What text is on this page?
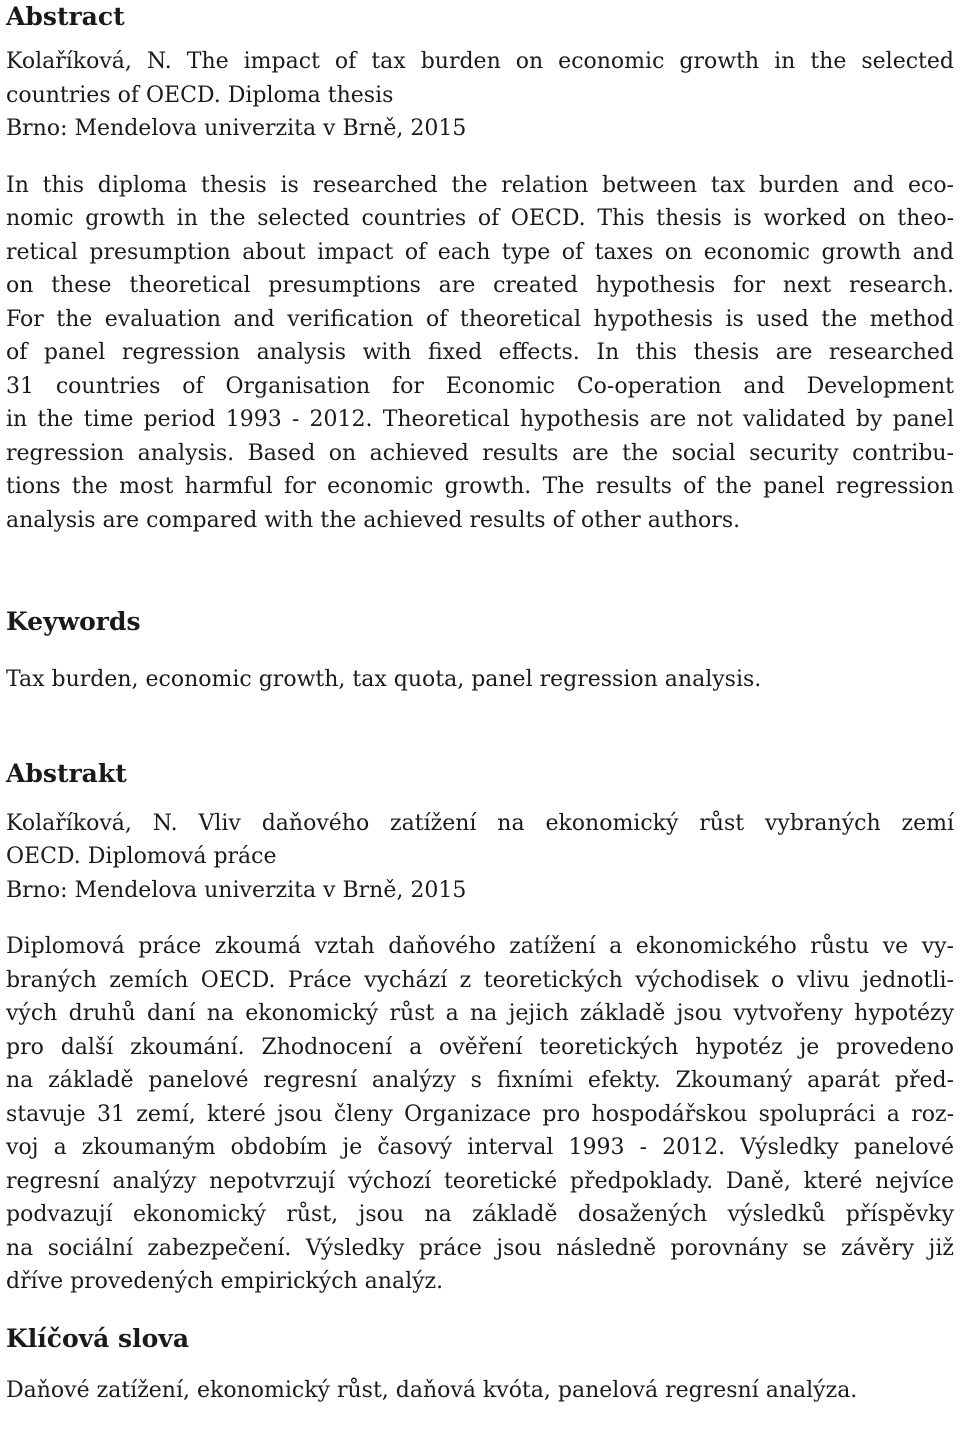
Abstract

Kolaříková, N. The impact of tax burden on economic growth in the selected
countries of OECD. Diploma thesis
Brno: Mendelova univerzita v Brně, 2015

In this diploma thesis is researched the relation between tax burden and eco-
nomic growth in the selected countries of OECD. This thesis is worked on theo-
retical presumption about impact of each type of taxes on economic growth and
on these theoretical presumptions are created hypothesis for next research.
For the evaluation and verification of theoretical hypothesis is used the method
of panel regression analysis with fixed effects. In this thesis are researched
31 countries of Organisation for Economic Co-operation and Development
in the time period 1993 - 2012. Theoretical hypothesis are not validated by panel
regression analysis. Based on achieved results are the social security contribu-
tions the most harmful for economic growth. The results of the panel regression
analysis are compared with the achieved results of other authors.

Keywords

Tax burden, economic growth, tax quota, panel regression analysis.

Abstrakt

Kolaříková, N. Vliv daňového zatížení na ekonomický růst vybraných zemí
OECD. Diplomová práce
Brno: Mendelova univerzita v Brně, 2015

Diplomová práce zkoumá vztah daňového zatížení a ekonomického růstu ve vy-
braných zemích OECD. Práce vychází z teoretických východisek o vlivu jednotli-
vých druhů daní na ekonomický růst a na jejich základě jsou vytvořeny hypotézy
pro další zkoumání. Zhodnocení a ověření teoretických hypotéz je provedeno
na základě panelové regresní analýzy s fixními efekty. Zkoumaný aparát před-
stavuje 31 zemí, které jsou členy Organizace pro hospodářskou spolupráci a roz-
voj a zkoumaným obdobím je časový interval 1993 - 2012. Výsledky panelové
regresní analýzy nepotvrzují výchozí teoretické předpoklady. Daně, které nejvíce
podvazují ekonomický růst, jsou na základě dosažených výsledků příspěvky
na sociální zabezpečení. Výsledky práce jsou následně porovnány se závěry již
dříve provedených empirických analýz.

Klíčová slova

Daňové zatížení, ekonomický růst, daňová kvóta, panelová regresní analýza.
